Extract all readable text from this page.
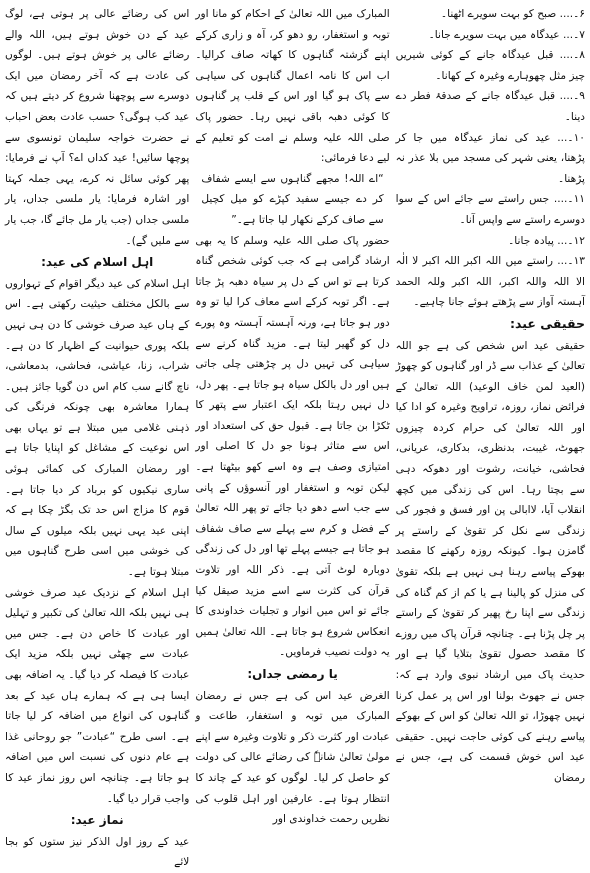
۶۔.... صبح کو بہت سویرے اٹھنا۔

۷۔... عیدگاہ میں بہت سویرے جانا۔

۸۔.... قبل عیدگاہ جانے کے کوئی شیریں چیز مثل چھوہارے وغیرہ کے کھانا۔

۹۔.... قبل عیدگاہ جانے کے صدقۂ فطر دے دینا۔

۱۰۔... عید کی نماز عیدگاہ میں جا کر پڑھنا، یعنی شہر کی مسجد میں بلا عذر نہ پڑھنا۔

۱۱۔.... جس راستے سے جائے اس کے سوا دوسرے راستے سے واپس آنا۔

۱۲۔... پیادہ جانا۔

۱۳۔... راستے میں اللہ اکبر اللہ اکبر لا الٰہ الا اللہ واللہ اکبر، اللہ اکبر وللہ الحمد آہستہ آواز سے پڑھتے ہوئے جانا چاہیے۔

حقیقی عید:

حقیقی عید اس شخص کی ہے جو اللہ تعالیٰ کے عذاب سے ڈر اور گناہوں کو چھوڑ (العید لمن خاف الوعید) اللہ تعالیٰ کے فرائض نماز، روزہ، تراویح وغیرہ کو ادا کیا اور اللہ تعالیٰ کی حرام کردہ چیزوں جھوٹ، غیبت، بدنظری، بدکاری، عریانی، فحاشی، خیانت، رشوت اور دھوکہ دہی سے بچتا رہا۔ اس کی زندگی میں کچھ انقلاب آیا، لاابالی پن اور فسق و فجور کی زندگی سے نکل کر تقویٰ کے راستے پر گامزن ہوا۔ کیونکہ روزہ رکھنے کا مقصد بھوکے پیاسے رہنا ہی نہیں ہے بلکہ تقویٰ کی منزل کو پالینا ہے یا کم از کم گناہ کی زندگی سے اپنا رخ پھیر کر تقویٰ کے راستے پر چل پڑنا ہے۔ چنانچہ قرآن پاک میں روزے کا مقصد حصول تقویٰ بتلایا گیا ہے اور حدیث پاک میں ارشاد نبوی وارد ہے کہ: جس نے جھوٹ بولنا اور اس پر عمل کرنا نہیں چھوڑا، تو اللہ تعالیٰ کو اس کے بھوکے پیاسے رہنے کی کوئی حاجت نہیں۔ حقیقی عید اس خوش قسمت کی ہے، جس نے رمضان

المبارک میں اللہ تعالیٰ کے احکام کو مانا اور توبہ و استغفار، رو دھو کر، آہ و زاری کرکے اپنے گزشتہ گناہوں کا کھاتہ صاف کرالیا۔ اب اس کا نامہ اعمال گناہوں کی سیاہی سے پاک ہو گیا اور اس کے قلب پر گناہوں کا کوئی دھبہ باقی نہیں رہا۔ حضور پاک صلی اللہ علیہ وسلم نے امت کو تعلیم کے لیے دعا فرمائی:

“اے اللہ! مجھے گناہوں سے ایسے شفاف کر دے جیسے سفید کپڑے کو میل کچیل سے صاف کرکے نکھار لیا جاتا ہے۔”

حضور پاک صلی اللہ علیہ وسلم کا یہ بھی ارشاد گرامی ہے کہ جب کوئی شخص گناہ کرتا ہے تو اس کے دل پر سیاہ دھبہ پڑ جاتا ہے۔ اگر توبہ کرکے اسے معاف کرا لیا تو وہ دور ہو جاتا ہے، ورنہ آہستہ آہستہ وہ پورے دل کو گھیر لیتا ہے۔ مزید گناہ کرنے سے سیاہی کی تہیں دل پر چڑھتی چلی جاتی ہیں اور دل بالکل سیاہ ہو جاتا ہے۔ پھر دل، دل نہیں رہتا بلکہ ایک اعتبار سے پتھر کا ٹکڑا بن جاتا ہے۔ قبول حق کی استعداد اور اس سے متاثر ہونا جو دل کا اصلی اور امتیازی وصف ہے وہ اسے کھو بیٹھتا ہے۔ لیکن توبہ و استغفار اور آنسوؤں کے پانی سے جب اسے دھو دیا جائے تو پھر اللہ تعالیٰ کے فضل و کرم سے پہلے سے صاف شفاف ہو جاتا ہے جیسے پہلے تھا اور دل کی زندگی دوبارہ لوٹ آتی ہے۔ ذکر اللہ اور تلاوت قرآن کی کثرت سے اسے مزید صیقل کیا جائے تو اس میں انوار و تجلیات خداوندی کا انعکاس شروع ہو جاتا ہے۔ اللہ تعالیٰ ہمیں یہ دولت نصیب فرماویں۔

یا رمضی جداں:

الغرض عید اس کی ہے جس نے رمضان المبارک میں توبہ و استغفار، طاعت و عبادت اور کثرت ذکر و تلاوت وغیرہ سے اپنے مولیٰ تعالیٰ شانہٗ کی رضائے عالی کی دولت کو حاصل کر لیا۔ لوگوں کو عید کے چاند کا انتظار ہوتا ہے۔ عارفین اور اہل قلوب کی نظریں رحمت خداوندی اور

اس کی رضائے عالی پر ہوتی ہے، لوگ عید کے دن خوش ہوتے ہیں، اللہ والے رضائے عالی پر خوش ہوتے ہیں۔ لوگوں کی عادت ہے کہ آخر رمضان میں ایک دوسرے سے پوچھنا شروع کر دیتے ہیں کہ عید کب ہوگی؟ حسب عادت بعض احباب نے حضرت خواجہ سلیمان تونسوی سے پوچھا سائیں! عید کداں اے؟ آپ نے فرمایا: پھر کوئی سائل نہ کرے، یہی جملہ کہتا اور اشارہ فرمایا: یار ملسی جداں، یار ملسی جداں (جب یار مل جائے گا، جب یار سے ملیں گے)۔

اہل اسلام کی عید:

اہل اسلام کی عید دیگر اقوام کے تہواروں سے بالکل مختلف حیثیت رکھتی ہے۔ اس کے ہاں عید صرف خوشی کا دن ہی نہیں بلکہ پوری حیوانیت کے اظہار کا دن ہے۔ شراب، زنا، عیاشی، فحاشی، بدمعاشی، ناچ گانے سب کام اس دن گویا جائز ہیں۔ ہمارا معاشرہ بھی چونکہ فرنگی کی ذہنی غلامی میں مبتلا ہے تو یہاں بھی اس نوعیت کے مشاغل کو اپنایا جاتا ہے اور رمضان المبارک کی کمائی ہوئی ساری نیکیوں کو برباد کر دیا جاتا ہے۔ قوم کا مزاج اس حد تک بگڑ چکا ہے کہ اپنی عید یہی نہیں بلکہ میلوں کے سال کی خوشی میں اسی طرح گناہوں میں مبتلا ہوتا ہے۔

اہل اسلام کے نزدیک عید صرف خوشی ہی نہیں بلکہ اللہ تعالیٰ کی تکبیر و تہلیل اور عبادت کا خاص دن ہے۔ جس میں عبادت سے چھٹی نہیں بلکہ مزید ایک عبادت کا فیصلہ کر دیا گیا۔ یہ اضافہ بھی ایسا ہی ہے کہ ہمارے ہاں عید کے بعد گناہوں کی انواع میں اضافہ کر لیا جاتا ہے۔ اسی طرح “عبادت” جو روحانی غذا ہے عام دنوں کی نسبت اس میں اضافہ ہو جاتا ہے۔ چنانچہ اس روز نماز عید کا واجب قرار دیا گیا۔

نماز عید:

عید کے روز اول الذکر نیز ستوں کو بجا لائے
